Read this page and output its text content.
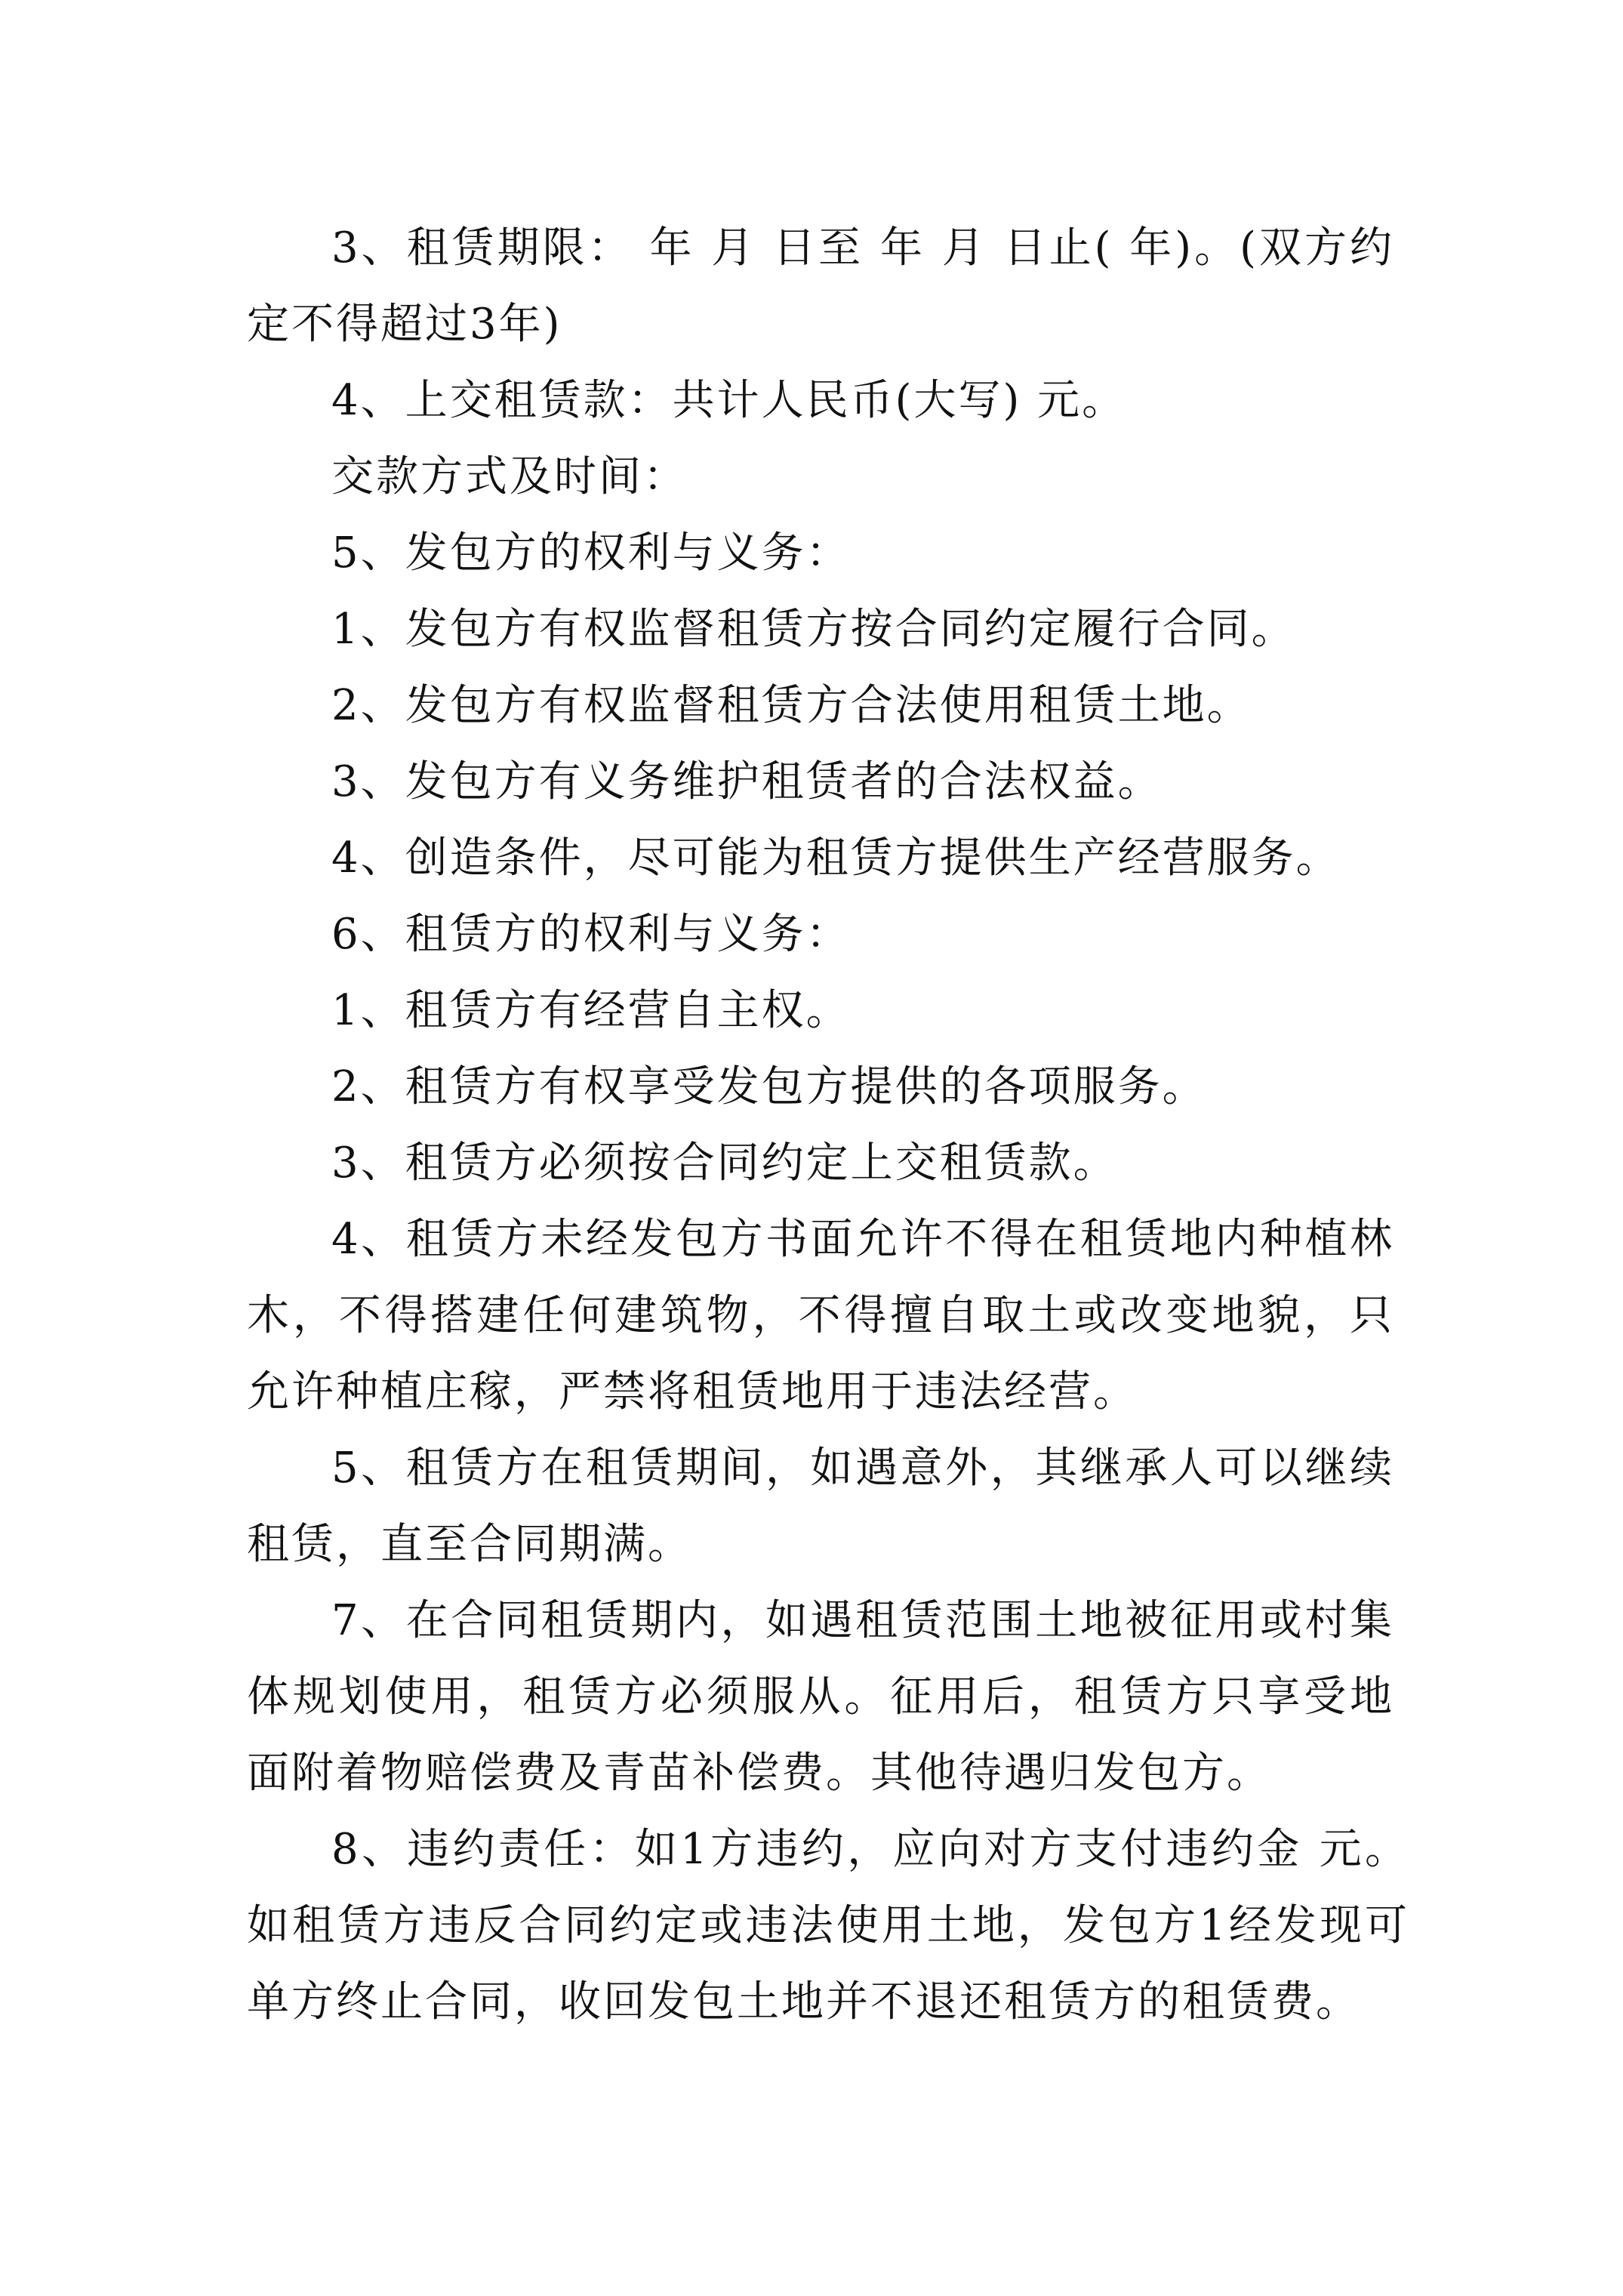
3、租赁期限： 年 月 日至 年 月 日止( 年)。(双方约定不得超过3年)

4、上交租赁款：共计人民币(大写) 元。

交款方式及时间：

5、发包方的权利与义务：

1、发包方有权监督租赁方按合同约定履行合同。

2、发包方有权监督租赁方合法使用租赁土地。

3、发包方有义务维护租赁者的合法权益。

4、创造条件，尽可能为租赁方提供生产经营服务。

6、租赁方的权利与义务：

1、租赁方有经营自主权。

2、租赁方有权享受发包方提供的各项服务。

3、租赁方必须按合同约定上交租赁款。

4、租赁方未经发包方书面允许不得在租赁地内种植林木，不得搭建任何建筑物，不得擅自取土或改变地貌，只允许种植庄稼，严禁将租赁地用于违法经营。

5、租赁方在租赁期间，如遇意外，其继承人可以继续租赁，直至合同期满。

7、在合同租赁期内，如遇租赁范围土地被征用或村集体规划使用，租赁方必须服从。征用后，租赁方只享受地面附着物赔偿费及青苗补偿费。其他待遇归发包方。

8、违约责任：如1方违约，应向对方支付违约金 元。如租赁方违反合同约定或违法使用土地，发包方1经发现可单方终止合同，收回发包土地并不退还租赁方的租赁费。
